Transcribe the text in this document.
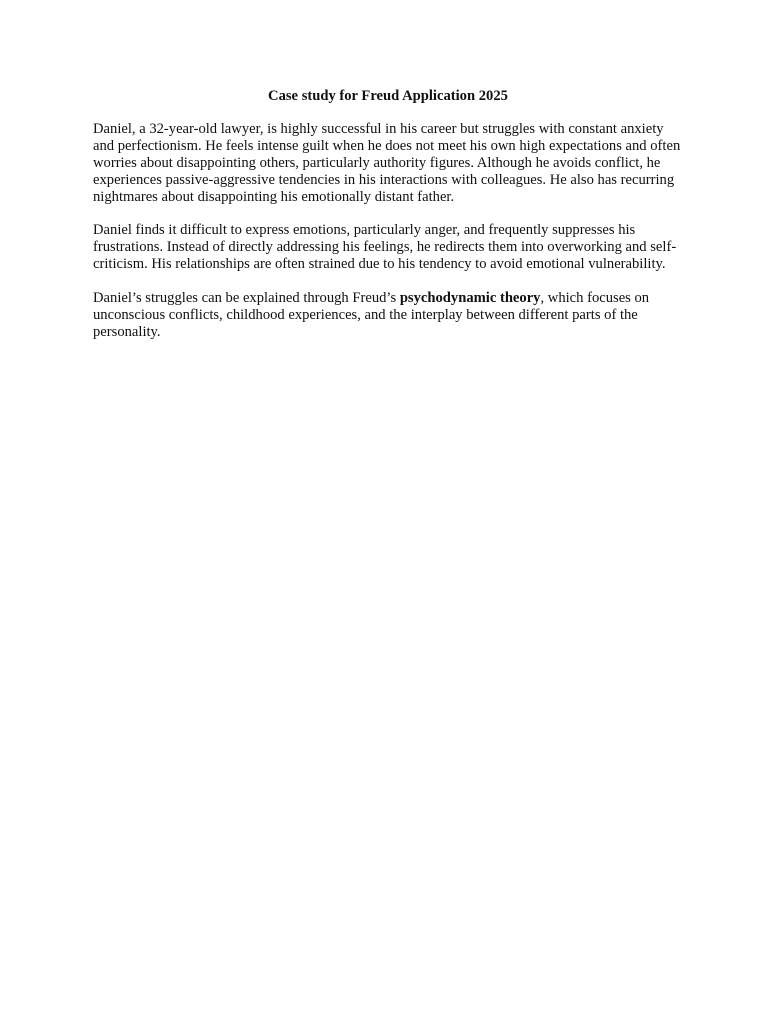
Case study for Freud Application 2025

Daniel, a 32-year-old lawyer, is highly successful in his career but struggles with constant anxiety and perfectionism. He feels intense guilt when he does not meet his own high expectations and often worries about disappointing others, particularly authority figures. Although he avoids conflict, he experiences passive-aggressive tendencies in his interactions with colleagues. He also has recurring nightmares about disappointing his emotionally distant father.

Daniel finds it difficult to express emotions, particularly anger, and frequently suppresses his frustrations. Instead of directly addressing his feelings, he redirects them into overworking and self-criticism. His relationships are often strained due to his tendency to avoid emotional vulnerability.

Daniel’s struggles can be explained through Freud’s psychodynamic theory, which focuses on unconscious conflicts, childhood experiences, and the interplay between different parts of the personality.
